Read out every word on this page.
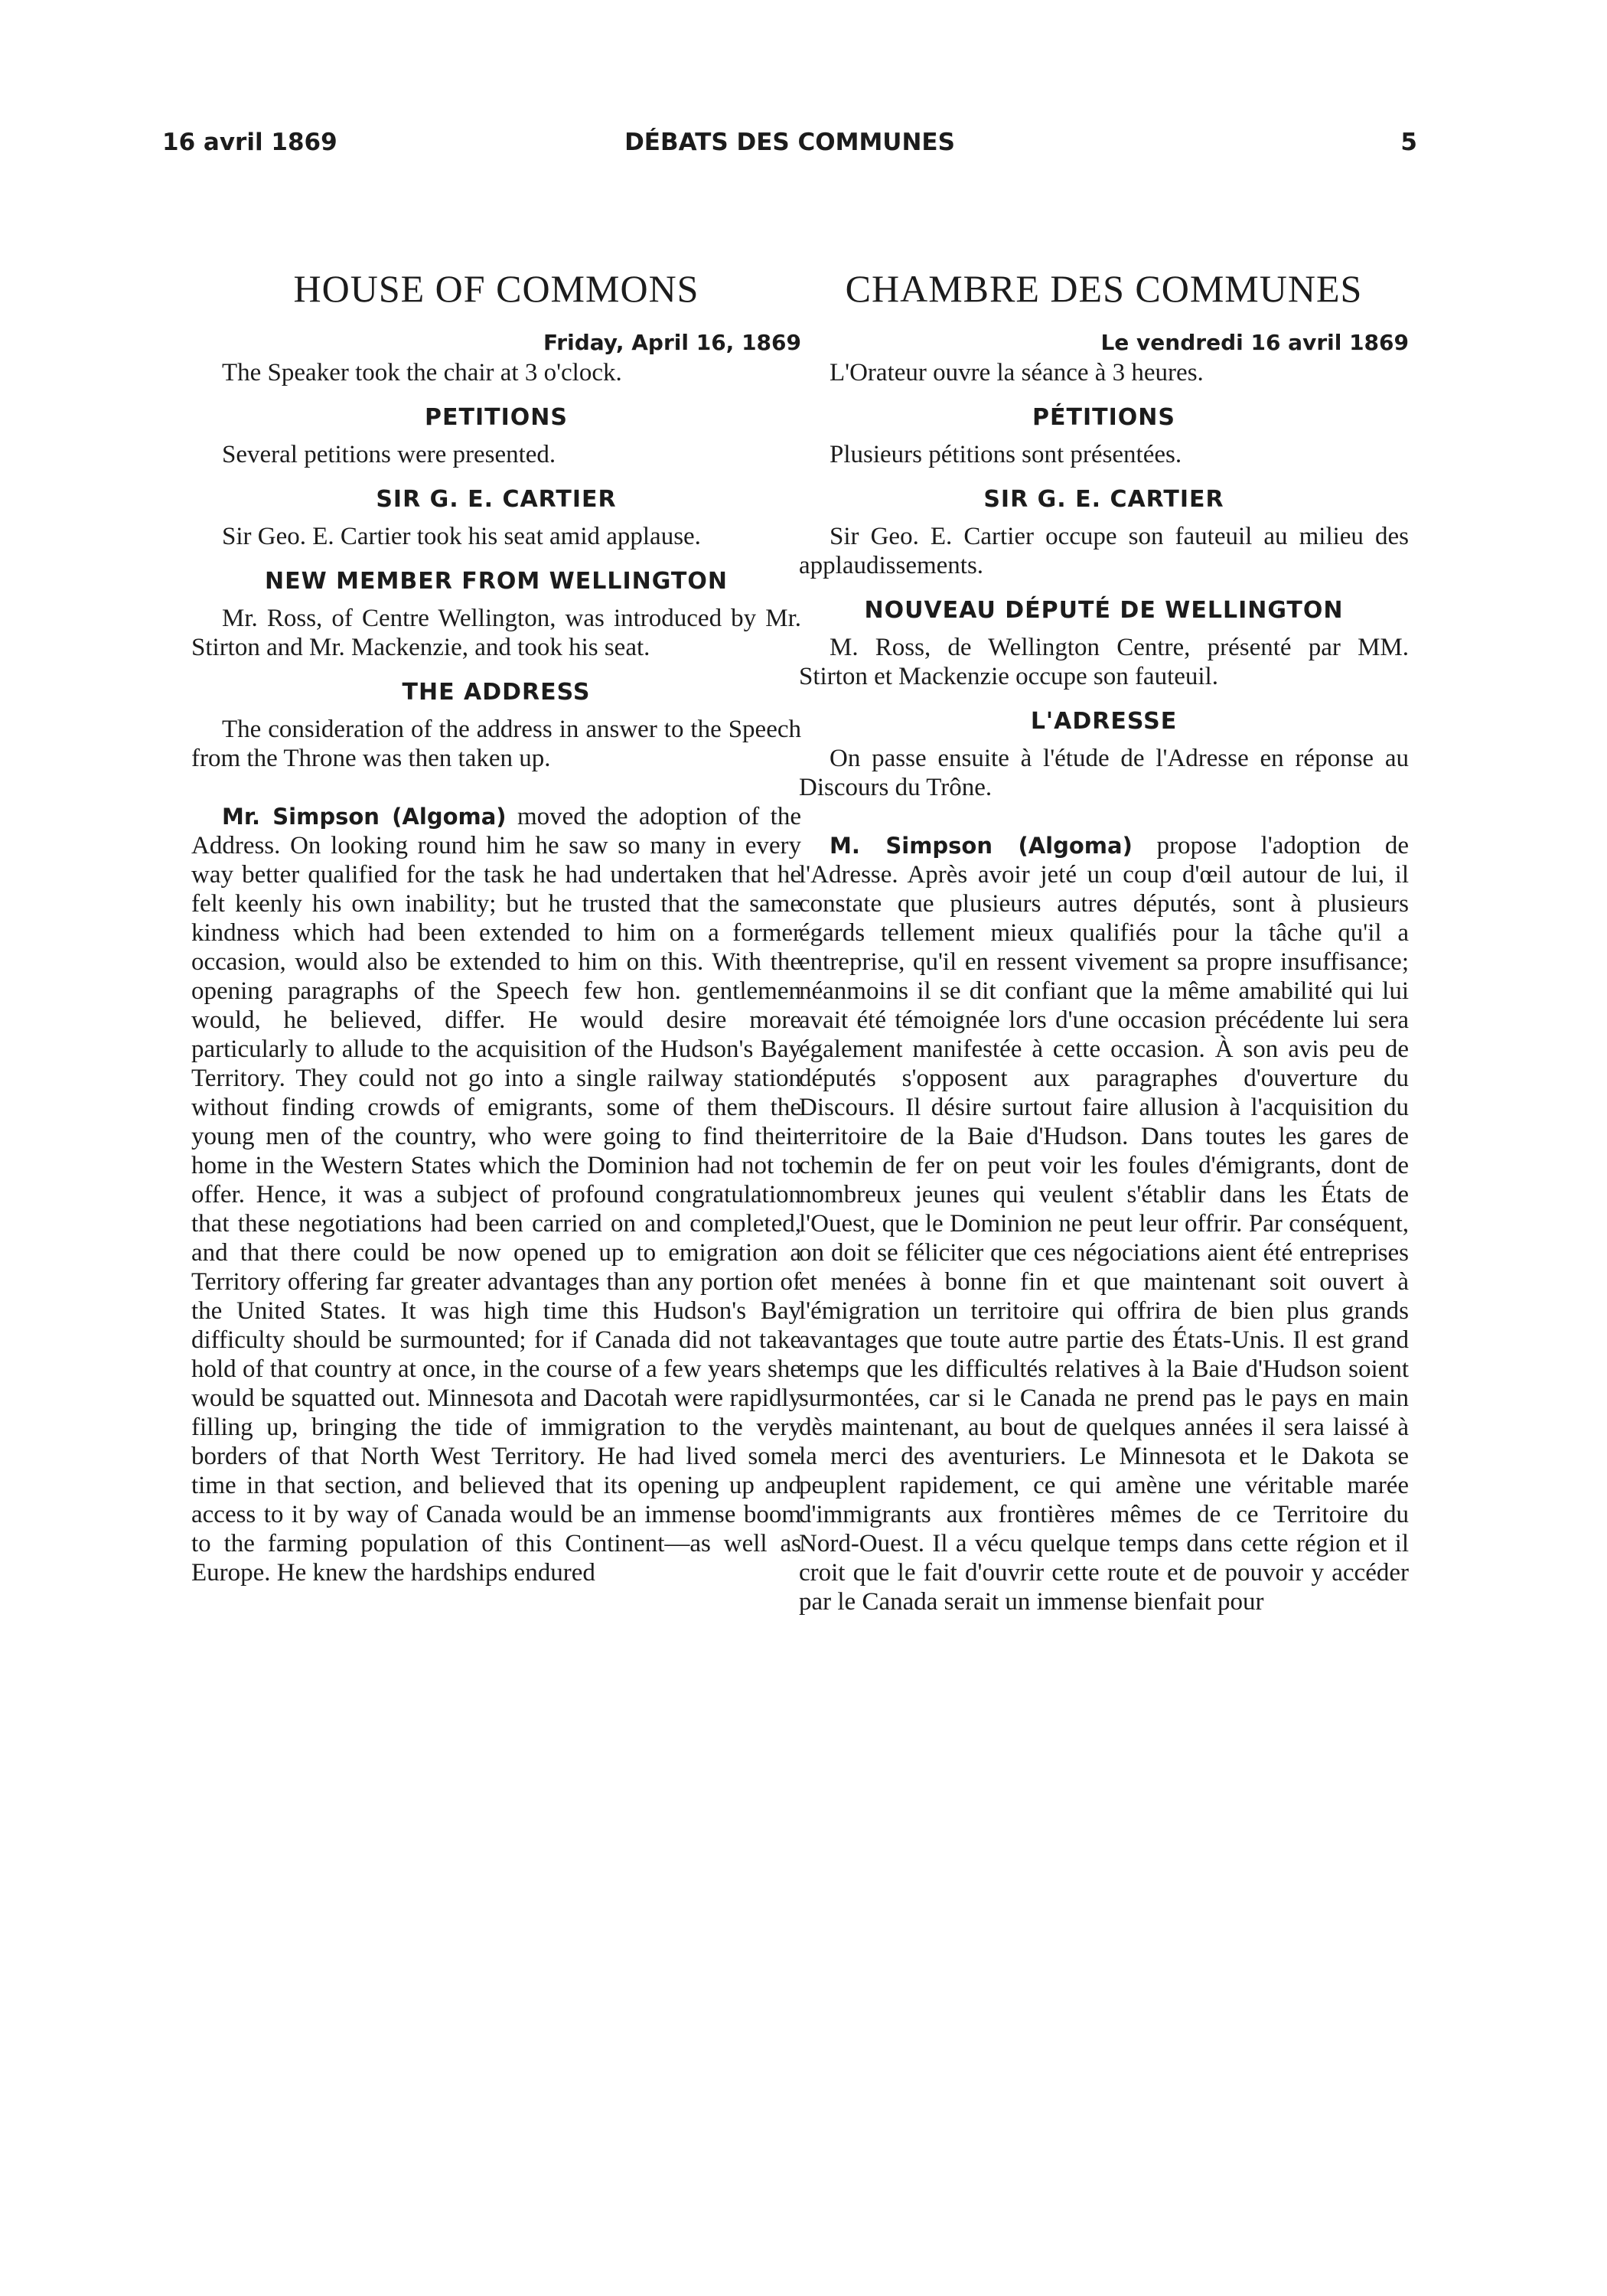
16 avril 1869	DÉBATS DES COMMUNES	5
HOUSE OF COMMONS
Friday, April 16, 1869

The Speaker took the chair at 3 o'clock.

PETITIONS

Several petitions were presented.

SIR G. E. CARTIER

Sir Geo. E. Cartier took his seat amid applause.

NEW MEMBER FROM WELLINGTON

Mr. Ross, of Centre Wellington, was introduced by Mr. Stirton and Mr. Mackenzie, and took his seat.

THE ADDRESS

The consideration of the address in answer to the Speech from the Throne was then taken up.

Mr. Simpson (Algoma) moved the adoption of the Address. On looking round him he saw so many in every way better qualified for the task he had undertaken that he felt keenly his own inability; but he trusted that the same kindness which had been extended to him on a former occasion, would also be extended to him on this. With the opening paragraphs of the Speech few hon. gentlemen would, he believed, differ. He would desire more particularly to allude to the acquisition of the Hudson's Bay Territory. They could not go into a single railway station without finding crowds of emigrants, some of them the young men of the country, who were going to find their home in the Western States which the Dominion had not to offer. Hence, it was a subject of profound congratulation that these negotiations had been carried on and completed, and that there could be now opened up to emigration a Territory offering far greater advantages than any portion of the United States. It was high time this Hudson's Bay difficulty should be surmounted; for if Canada did not take hold of that country at once, in the course of a few years she would be squatted out. Minnesota and Dacotah were rapidly filling up, bringing the tide of immigration to the very borders of that North West Territory. He had lived some time in that section, and believed that its opening up and access to it by way of Canada would be an immense boom to the farming population of this Continent—as well as Europe. He knew the hardships endured

CHAMBRE DES COMMUNES
Le vendredi 16 avril 1869

L'Orateur ouvre la séance à 3 heures.

PÉTITIONS

Plusieurs pétitions sont présentées.

SIR G. E. CARTIER

Sir Geo. E. Cartier occupe son fauteuil au milieu des applaudissements.

NOUVEAU DÉPUTÉ DE WELLINGTON

M. Ross, de Wellington Centre, présenté par MM. Stirton et Mackenzie occupe son fauteuil.

L'ADRESSE

On passe ensuite à l'étude de l'Adresse en réponse au Discours du Trône.

M. Simpson (Algoma) propose l'adoption de l'Adresse. Après avoir jeté un coup d'œil autour de lui, il constate que plusieurs autres députés, sont à plusieurs égards tellement mieux qualifiés pour la tâche qu'il a entreprise, qu'il en ressent vivement sa propre insuffisance; néanmoins il se dit confiant que la même amabilité qui lui avait été témoignée lors d'une occasion précédente lui sera également manifestée à cette occasion. À son avis peu de députés s'opposent aux paragraphes d'ouverture du Discours. Il désire surtout faire allusion à l'acquisition du territoire de la Baie d'Hudson. Dans toutes les gares de chemin de fer on peut voir les foules d'émigrants, dont de nombreux jeunes qui veulent s'établir dans les États de l'Ouest, que le Dominion ne peut leur offrir. Par conséquent, on doit se féliciter que ces négociations aient été entreprises et menées à bonne fin et que maintenant soit ouvert à l'émigration un territoire qui offrira de bien plus grands avantages que toute autre partie des États-Unis. Il est grand temps que les difficultés relatives à la Baie d'Hudson soient surmontées, car si le Canada ne prend pas le pays en main dès maintenant, au bout de quelques années il sera laissé à la merci des aventuriers. Le Minnesota et le Dakota se peuplent rapidement, ce qui amène une véritable marée d'immigrants aux frontières mêmes de ce Territoire du Nord-Ouest. Il a vécu quelque temps dans cette région et il croit que le fait d'ouvrir cette route et de pouvoir y accéder par le Canada serait un immense bienfait pour
